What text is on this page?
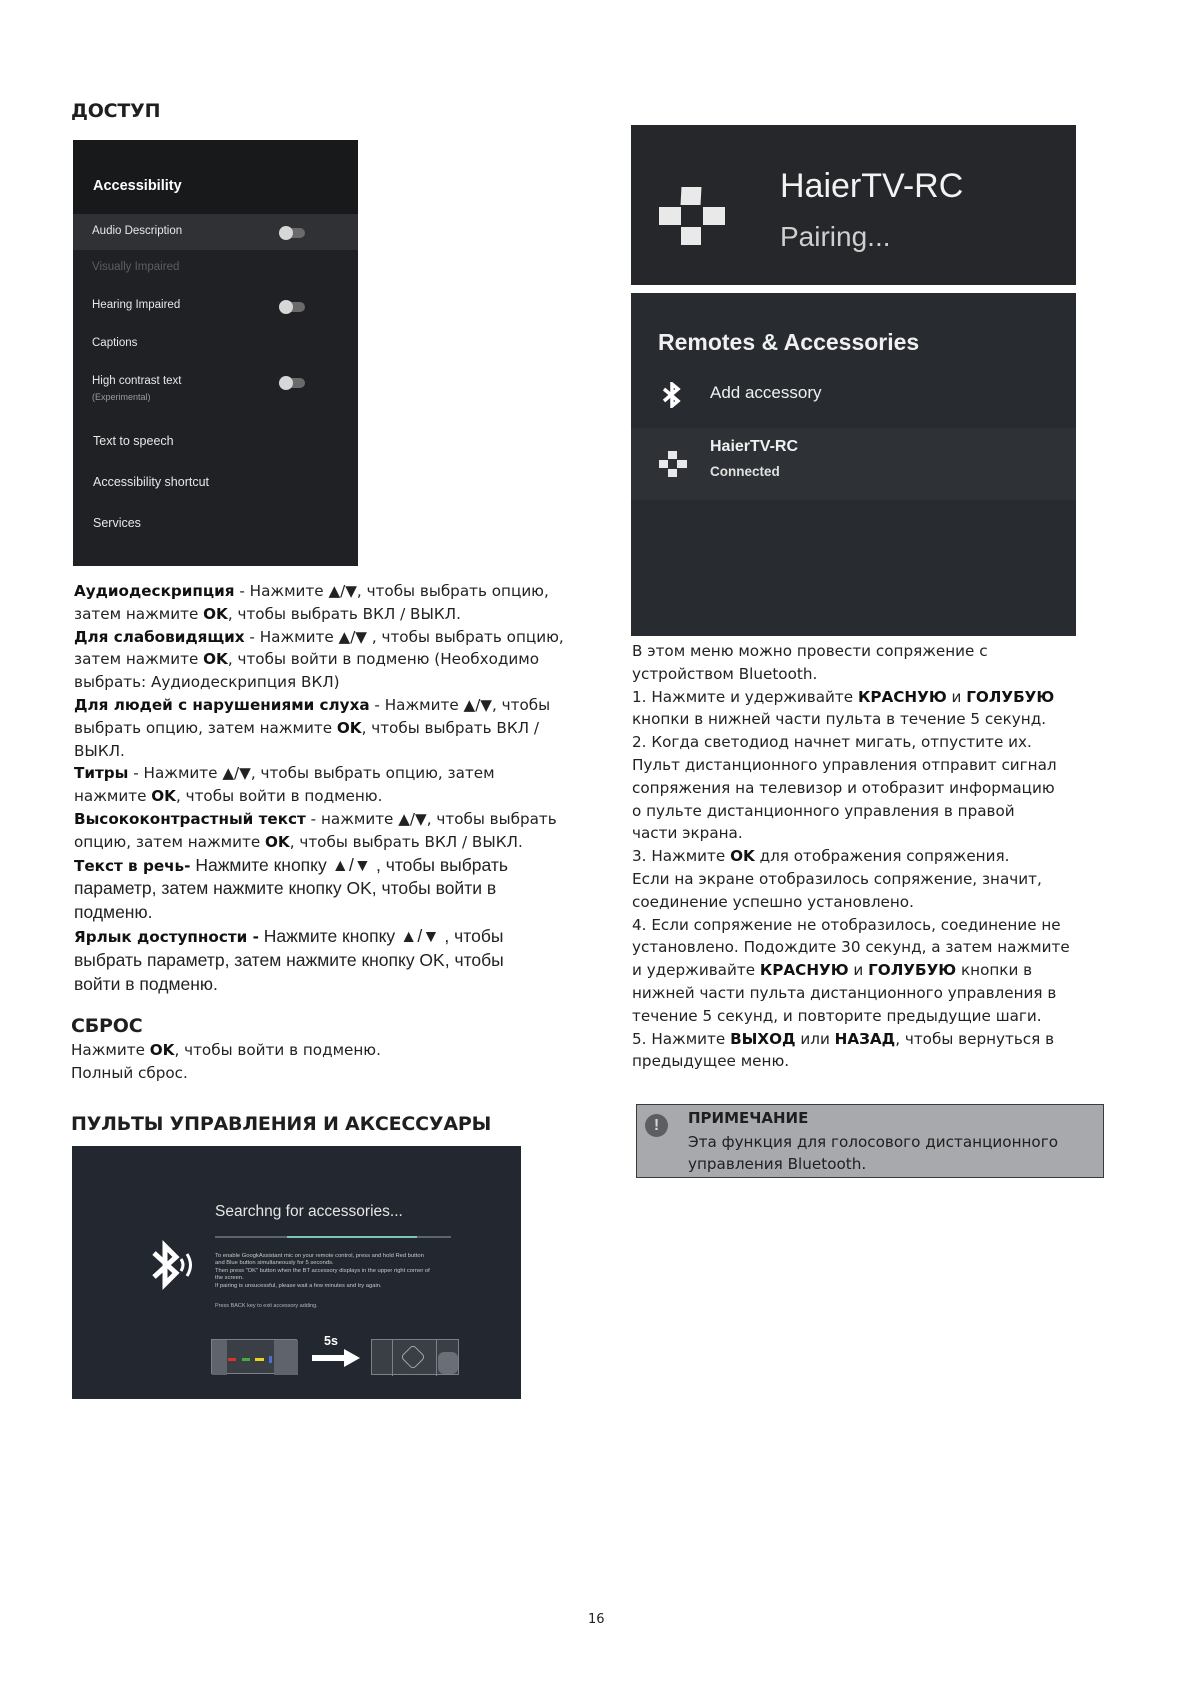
ДОСТУП
Accessibility
Audio Description
Visually Impaired
Hearing Impaired
Captions
High contrast text
(Experimental)
Text to speech
Accessibility shortcut
Services
Аудиодескрипция - Нажмите ▲/▼, чтобы выбрать опцию,
затем нажмите OK, чтобы выбрать ВКЛ / ВЫКЛ.
Для слабовидящих - Нажмите ▲/▼ , чтобы выбрать опцию,
затем нажмите OK, чтобы войти в подменю (Необходимо
выбрать: Аудиодескрипция ВКЛ)
Для людей с нарушениями слуха - Нажмите ▲/▼, чтобы
выбрать опцию, затем нажмите OK, чтобы выбрать ВКЛ /
ВЫКЛ.
Титры - Нажмите ▲/▼, чтобы выбрать опцию, затем
нажмите OK, чтобы войти в подменю.
Высококонтрастный текст - нажмите ▲/▼, чтобы выбрать
опцию, затем нажмите OK, чтобы выбрать ВКЛ / ВЫКЛ.
Текст в речь- Нажмите кнопку ▲/▼ , чтобы выбрать
параметр, затем нажмите кнопку OK, чтобы войти в
подменю.
Ярлык доступности - Нажмите кнопку ▲/▼ , чтобы
выбрать параметр, затем нажмите кнопку OK, чтобы
войти в подменю.
СБРОС
Нажмите OK, чтобы войти в подменю.
Полный сброс.
ПУЛЬТЫ УПРАВЛЕНИЯ И АКСЕССУАРЫ
Searchng for accessories...
To enable GoogkAssistant mic on your remote control, press and hold Red button
and Blue button simultaneously for 5 seconds.
Then press "OK" button when the BT accessory displays in the upper right corner of
the screen.
If pairing is unsucessful, please wait a few minutes and try again.
Press BACK key to exit accessory adding.
5s
HaierTV-RC
Pairing...
Remotes & Accessories
Add accessory
HaierTV-RC
Connected
В этом меню можно провести сопряжение с
устройством Bluetooth.
1. Нажмите и удерживайте КРАСНУЮ и ГОЛУБУЮ
кнопки в нижней части пульта в течение 5 секунд.
2. Когда светодиод начнет мигать, отпустите их.
Пульт дистанционного управления отправит сигнал
сопряжения на телевизор и отобразит информацию
о пульте дистанционного управления в правой
части экрана.
3. Нажмите OK для отображения сопряжения.
Если на экране отобразилось сопряжение, значит,
соединение успешно установлено.
4. Если сопряжение не отобразилось, соединение не
установлено. Подождите 30 секунд, а затем нажмите
и удерживайте КРАСНУЮ и ГОЛУБУЮ кнопки в
нижней части пульта дистанционного управления в
течение 5 секунд, и повторите предыдущие шаги.
5. Нажмите ВЫХОД или НАЗАД, чтобы вернуться в
предыдущее меню.
!	ПРИМЕЧАНИЕ
Эта функция для голосового дистанционного управления Bluetooth.
16
